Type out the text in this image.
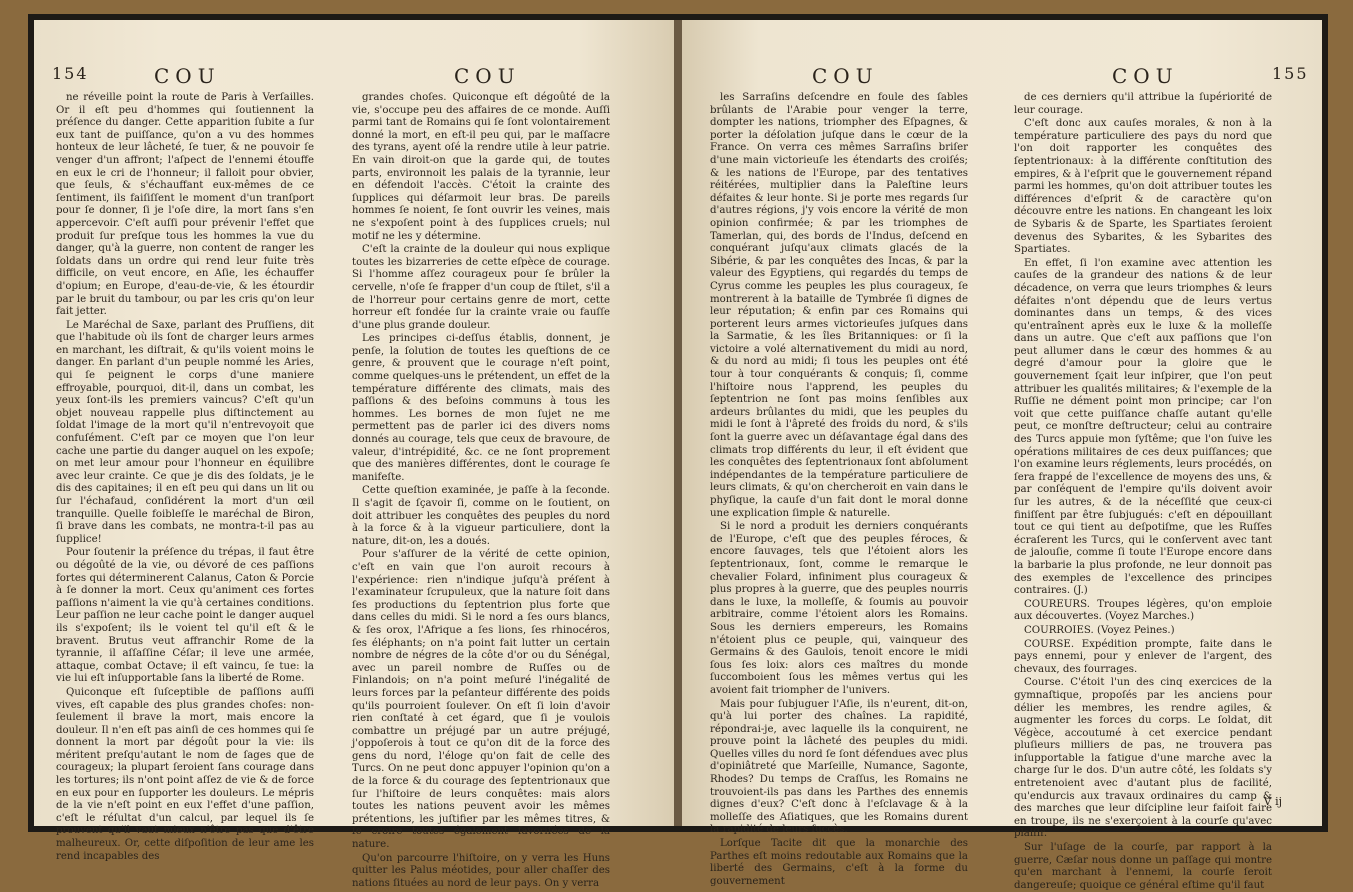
154	COU	COU

ne réveille point la route de Paris à Verſailles. Or il eſt peu d'hommes qui ſoutiennent la préſence du danger. Cette apparition ſubite a ſur eux tant de puiſſance, qu'on a vu des hommes honteux de leur lâcheté, ſe tuer, & ne pouvoir ſe venger d'un affront; l'aſpect de l'ennemi étouffe en eux le cri de l'honneur; il falloit pour obvier, que ſeuls, & s'échauffant eux-mêmes de ce ſentiment, ils faiſiſſent le moment d'un tranſport pour ſe donner, ſi je l'oſe dire, la mort ſans s'en appercevoir. C'eſt auſſi pour prévenir l'effet que produit ſur preſque tous les hommes la vue du danger, qu'à la guerre, non content de ranger les ſoldats dans un ordre qui rend leur fuite très difficile, on veut encore, en Aſie, les échauffer d'opium; en Europe, d'eau-de-vie, & les étourdir par le bruit du tambour, ou par les cris qu'on leur fait jetter.

Le Maréchal de Saxe, parlant des Pruſſiens, dit que l'habitude où ils ſont de charger leurs armes en marchant, les diſtrait, & qu'ils voient moins le danger. En parlant d'un peuple nommé les Aries, qui ſe peignent le corps d'une maniere effroyable, pourquoi, dit-il, dans un combat, les yeux ſont-ils les premiers vaincus? C'eſt qu'un objet nouveau rappelle plus diſtinctement au ſoldat l'image de la mort qu'il n'entrevoyoit que confuſément. C'eſt par ce moyen que l'on leur cache une partie du danger auquel on les expoſe; on met leur amour pour l'honneur en équilibre avec leur crainte. Ce que je dis des ſoldats, je le dis des capitaines; il en eſt peu qui dans un lit ou ſur l'échafaud, conſidérent la mort d'un œil tranquille. Quelle foibleſſe le maréchal de Biron, ſi brave dans les combats, ne montra-t-il pas au ſupplice!

Pour ſoutenir la préſence du trépas, il faut être ou dégoûté de la vie, ou dévoré de ces paſſions fortes qui déterminerent Calanus, Caton & Porcie à ſe donner la mort. Ceux qu'animent ces fortes paſſions n'aiment la vie qu'à certaines conditions. Leur paſſion ne leur cache point le danger auquel ils s'expoſent; ils le voient tel qu'il eſt & le bravent. Brutus veut affranchir Rome de la tyrannie, il aſſaſſine Céſar; il leve une armée, attaque, combat Octave; il eſt vaincu, ſe tue: la vie lui eſt inſupportable ſans la liberté de Rome.

Quiconque eſt ſuſceptible de paſſions auſſi vives, eſt capable des plus grandes choſes: non-ſeulement il brave la mort, mais encore la douleur. Il n'en eſt pas ainſi de ces hommes qui ſe donnent la mort par dégoût pour la vie: ils méritent preſqu'autant le nom de ſages que de courageux; la plupart ſeroient ſans courage dans les tortures; ils n'ont point aſſez de vie & de force en eux pour en ſupporter les douleurs. Le mépris de la vie n'eſt point en eux l'effet d'une paſſion, c'eſt le réſultat d'un calcul, par lequel ils ſe prouvent qu'il vaut mieux n'être pas que d'être malheureux. Or, cette diſpoſition de leur ame les rend incapables des

grandes choſes. Quiconque eſt dégoûté de la vie, s'occupe peu des affaires de ce monde. Auſſi parmi tant de Romains qui ſe ſont volontairement donné la mort, en eſt-il peu qui, par le maſſacre des tyrans, ayent oſé la rendre utile à leur patrie. En vain diroit-on que la garde qui, de toutes parts, environnoit les palais de la tyrannie, leur en défendoit l'accès. C'étoit la crainte des ſupplices qui déſarmoit leur bras. De pareils hommes ſe noient, ſe ſont ouvrir les veines, mais ne s'expoſent point à des ſupplices cruels; nul motif ne les y détermine.

C'eſt la crainte de la douleur qui nous explique toutes les bizarreries de cette eſpèce de courage. Si l'homme aſſez courageux pour ſe brûler la cervelle, n'oſe ſe frapper d'un coup de ſtilet, s'il a de l'horreur pour certains genre de mort, cette horreur eſt fondée ſur la crainte vraie ou fauſſe d'une plus grande douleur.

Les principes ci-deſſus établis, donnent, je penſe, la ſolution de toutes les queſtions de ce genre, & prouvent que le courage n'eſt point, comme quelques-uns le prétendent, un effet de la température différente des climats, mais des paſſions & des beſoins communs à tous les hommes. Les bornes de mon ſujet ne me permettent pas de parler ici des divers noms donnés au courage, tels que ceux de bravoure, de valeur, d'intrépidité, &c. ce ne ſont proprement que des manières différentes, dont le courage ſe manifeſte.

Cette queſtion examinée, je paſſe à la ſeconde. Il s'agit de ſçavoir ſi, comme on le ſoutient, on doit attribuer les conquêtes des peuples du nord à la force & à la vigueur particuliere, dont la nature, dit-on, les a doués.

Pour s'aſſurer de la vérité de cette opinion, c'eſt en vain que l'on auroit recours à l'expérience: rien n'indique juſqu'à préſent à l'examinateur ſcrupuleux, que la nature ſoit dans ſes productions du ſeptentrion plus forte que dans celles du midi. Si le nord a ſes ours blancs, & ſes orox, l'Afrique a ſes lions, ſes rhinocéros, ſes éléphants; on n'a point fait lutter un certain nombre de négres de la côte d'or ou du Sénégal, avec un pareil nombre de Ruſſes ou de Finlandois; on n'a point meſuré l'inégalité de leurs forces par la peſanteur différente des poids qu'ils pourroient ſoulever. On eſt ſi loin d'avoir rien conſtaté à cet égard, que ſi je voulois combattre un préjugé par un autre préjugé, j'oppoſerois à tout ce qu'on dit de la force des gens du nord, l'éloge qu'on fait de celle des Turcs. On ne peut donc appuyer l'opinion qu'on a de la force & du courage des ſeptentrionaux que ſur l'hiſtoire de leurs conquêtes: mais alors toutes les nations peuvent avoir les mêmes prétentions, les juſtifier par les mêmes titres, & ſe croire toutes également favoriſées de la nature.

Qu'on parcourre l'hiſtoire, on y verra les Huns quitter les Palus méotides, pour aller chaſſer des nations ſituées au nord de leur pays. On y verra

COU	COU	155

les Sarraſins deſcendre en foule des ſables brûlants de l'Arabie pour venger la terre, dompter les nations, triompher des Eſpagnes, & porter la déſolation juſque dans le cœur de la France. On verra ces mêmes Sarraſins briſer d'une main victorieuſe les étendarts des croiſés; & les nations de l'Europe, par des tentatives réitérées, multiplier dans la Paleſtine leurs défaites & leur honte. Si je porte mes regards ſur d'autres régions, j'y vois encore la vérité de mon opinion confirmée; & par les triomphes de Tamerlan, qui, des bords de l'Indus, deſcend en conquérant juſqu'aux climats glacés de la Sibérie, & par les conquêtes des Incas, & par la valeur des Egyptiens, qui regardés du temps de Cyrus comme les peuples les plus courageux, ſe montrerent à la bataille de Tymbrée ſi dignes de leur réputation; & enfin par ces Romains qui porterent leurs armes victorieuſes juſques dans la Sarmatie, & les îles Britanniques: or ſi la victoire a volé alternativement du midi au nord, & du nord au midi; ſi tous les peuples ont été tour à tour conquérants & conquis; ſi, comme l'hiſtoire nous l'apprend, les peuples du ſeptentrion ne ſont pas moins ſenſibles aux ardeurs brûlantes du midi, que les peuples du midi le ſont à l'âpreté des froids du nord, & s'ils ſont la guerre avec un déſavantage égal dans des climats trop différents du leur, il eſt évident que les conquêtes des ſeptentrionaux ſont abſolument indépendantes de la température particuliere de leurs climats, & qu'on chercheroit en vain dans le phyſique, la cauſe d'un fait dont le moral donne une explication ſimple & naturelle.

Si le nord a produit les derniers conquérants de l'Europe, c'eſt que des peuples féroces, & encore ſauvages, tels que l'étoient alors les ſeptentrionaux, ſont, comme le remarque le chevalier Folard, infiniment plus courageux & plus propres à la guerre, que des peuples nourris dans le luxe, la molleſſe, & ſoumis au pouvoir arbitraire, comme l'étoient alors les Romains. Sous les derniers empereurs, les Romains n'étoient plus ce peuple, qui, vainqueur des Germains & des Gaulois, tenoit encore le midi ſous ſes loix: alors ces maîtres du monde ſuccomboient ſous les mêmes vertus qui les avoient fait triompher de l'univers.

Mais pour ſubjuguer l'Aſie, ils n'eurent, dit-on, qu'à lui porter des chaînes. La rapidité, répondrai-je, avec laquelle ils la conquirent, ne prouve point la lâcheté des peuples du midi. Quelles villes du nord ſe ſont défendues avec plus d'opiniâtreté que Marſeille, Numance, Sagonte, Rhodes? Du temps de Craſſus, les Romains ne trouvoient-ils pas dans les Parthes des ennemis dignes d'eux? C'eſt donc à l'eſclavage & à la molleſſe des Aſiatiques, que les Romains durent la rapidité de leurs ſuccès.

Lorſque Tacite dit que la monarchie des Parthes eſt moins redoutable aux Romains que la liberté des Germains, c'eſt à la forme du gouvernement

de ces derniers qu'il attribue la ſupériorité de leur courage.

C'eſt donc aux cauſes morales, & non à la température particuliere des pays du nord que l'on doit rapporter les conquêtes des ſeptentrionaux: à la différente conſtitution des empires, & à l'eſprit que le gouvernement répand parmi les hommes, qu'on doit attribuer toutes les différences d'eſprit & de caractère qu'on découvre entre les nations. En changeant les loix de Sybaris & de Sparte, les Spartiates ſeroient devenus des Sybarites, & les Sybarites des Spartiates.

En effet, ſi l'on examine avec attention les cauſes de la grandeur des nations & de leur décadence, on verra que leurs triomphes & leurs défaites n'ont dépendu que de leurs vertus dominantes dans un temps, & des vices qu'entraînent après eux le luxe & la molleſſe dans un autre. Que c'eſt aux paſſions que l'on peut allumer dans le cœur des hommes & au degré d'amour pour la gloire que le gouvernement ſçait leur inſpirer, que l'on peut attribuer les qualités militaires; & l'exemple de la Ruſſie ne dément point mon principe; car l'on voit que cette puiſſance chaſſe autant qu'elle peut, ce monſtre deſtructeur; celui au contraire des Turcs appuie mon ſyſtême; que l'on ſuive les opérations militaires de ces deux puiſſances; que l'on examine leurs réglements, leurs procédés, on ſera frappé de l'excellence de moyens des uns, & par conſéquent de l'empire qu'ils doivent avoir ſur les autres, & de la néceſſité que ceux-ci finiſſent par être ſubjugués: c'eſt en dépouillant tout ce qui tient au deſpotiſme, que les Ruſſes écraſerent les Turcs, qui le conſervent avec tant de jalouſie, comme ſi toute l'Europe encore dans la barbarie la plus profonde, ne leur donnoit pas des exemples de l'excellence des principes contraires. (J.)

COUREURS. Troupes légères, qu'on emploie aux découvertes. (Voyez Marches.)

COURROIES. (Voyez Peines.)

COURSE. Expédition prompte, faite dans le pays ennemi, pour y enlever de l'argent, des chevaux, des fourrages.

Course. C'étoit l'un des cinq exercices de la gymnaſtique, propoſés par les anciens pour délier les membres, les rendre agiles, & augmenter les forces du corps. Le ſoldat, dit Végèce, accoutumé à cet exercice pendant pluſieurs milliers de pas, ne trouvera pas inſupportable la fatigue d'une marche avec la charge ſur le dos. D'un autre côté, les ſoldats s'y entretenoient avec d'autant plus de facilité, qu'endurcis aux travaux ordinaires du camp & des marches que leur diſcipline leur faiſoit faire en troupe, ils ne s'exerçoient à la courſe qu'avec plaiſir.

Sur l'uſage de la courſe, par rapport à la guerre, Cæſar nous donne un paſſage qui montre qu'en marchant à l'ennemi, la courſe ſeroit dangereuſe; quoique ce général eſtime qu'il faut

V ij
